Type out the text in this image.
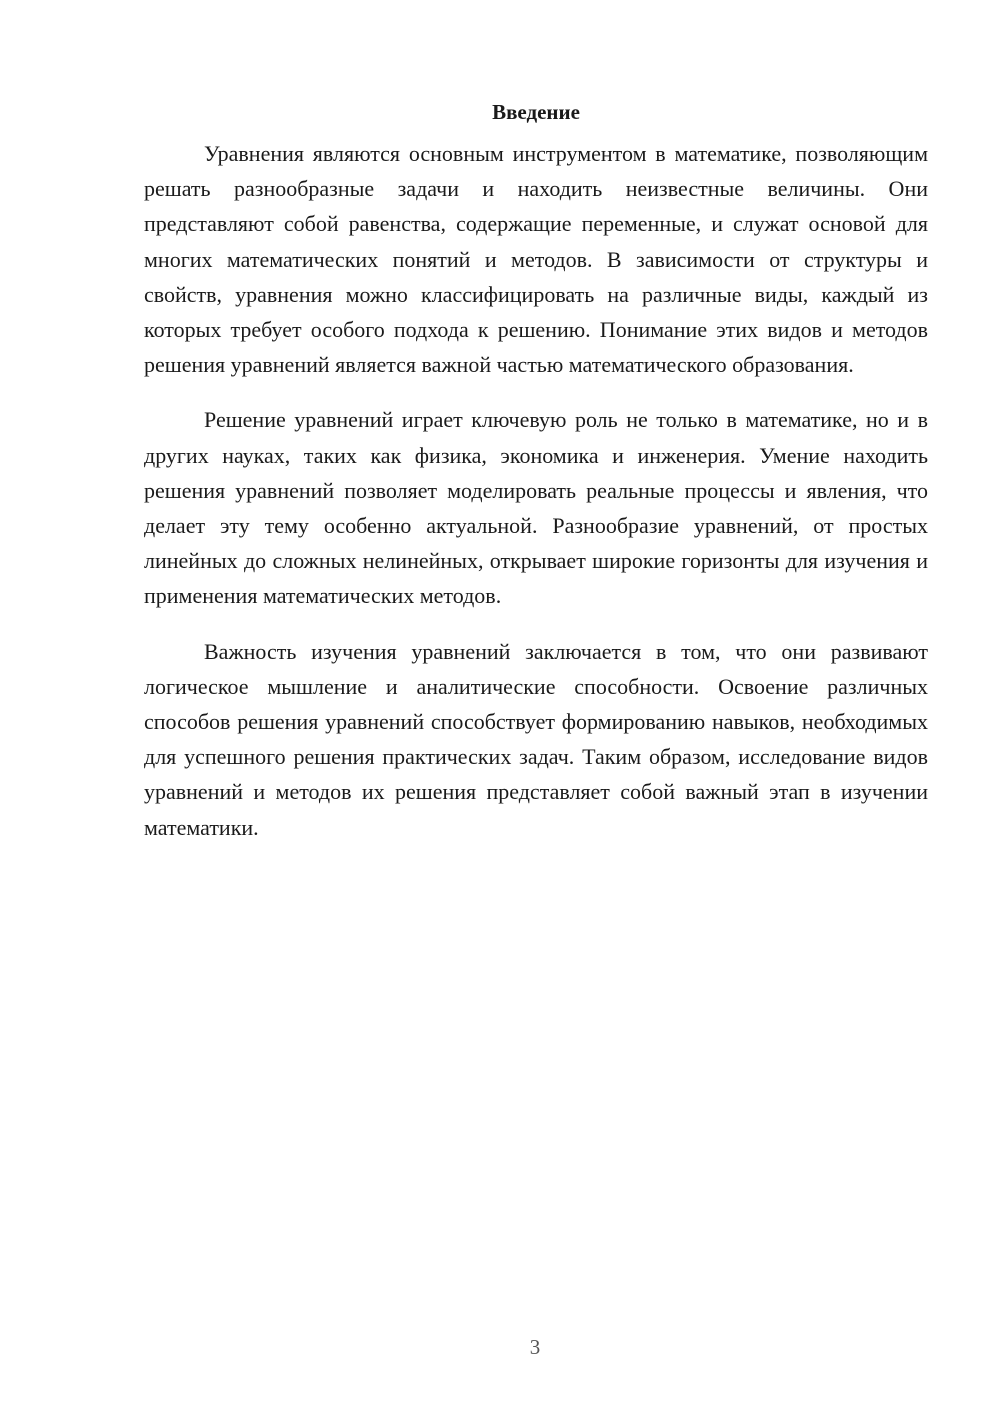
Введение

Уравнения являются основным инструментом в математике, позволяющим решать разнообразные задачи и находить неизвестные величины. Они представляют собой равенства, содержащие переменные, и служат основой для многих математических понятий и методов. В зависимости от структуры и свойств, уравнения можно классифицировать на различные виды, каждый из которых требует особого подхода к решению. Понимание этих видов и методов решения уравнений является важной частью математического образования.

Решение уравнений играет ключевую роль не только в математике, но и в других науках, таких как физика, экономика и инженерия. Умение находить решения уравнений позволяет моделировать реальные процессы и явления, что делает эту тему особенно актуальной. Разнообразие уравнений, от простых линейных до сложных нелинейных, открывает широкие горизонты для изучения и применения математических методов.

Важность изучения уравнений заключается в том, что они развивают логическое мышление и аналитические способности. Освоение различных способов решения уравнений способствует формированию навыков, необходимых для успешного решения практических задач. Таким образом, исследование видов уравнений и методов их решения представляет собой важный этап в изучении математики.

3
